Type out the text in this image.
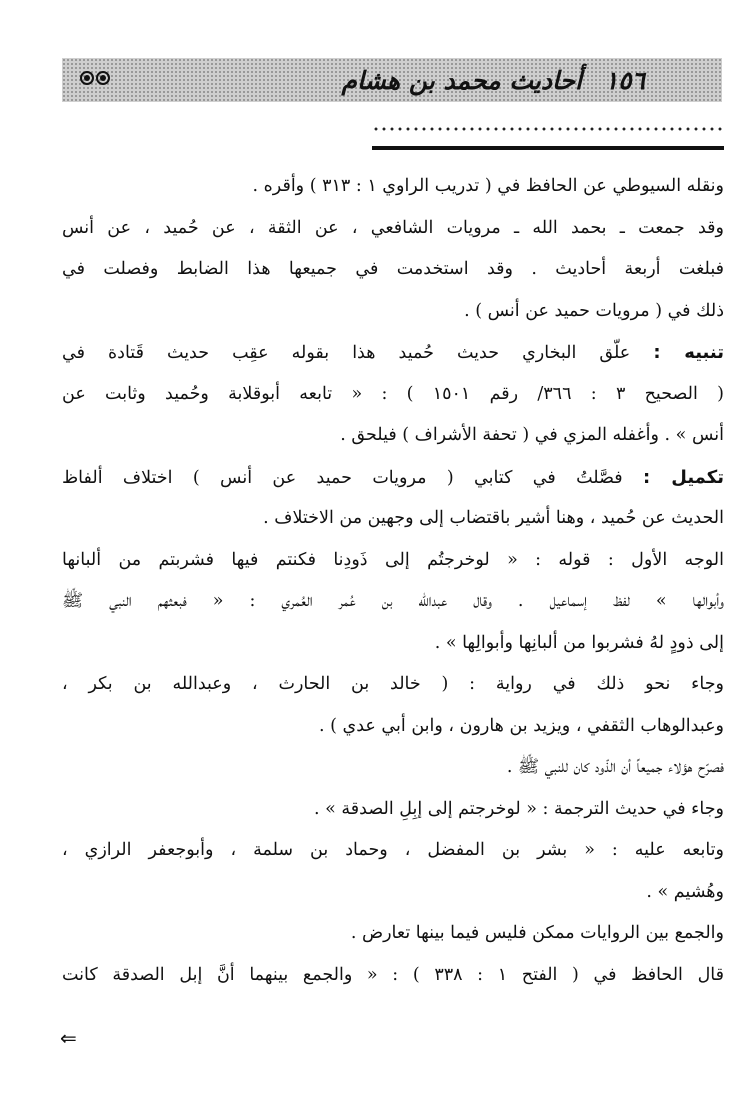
١٥٦ أحاديث محمد بن هشام
ونقله السيوطي عن الحافظ في ( تدريب الراوي ١ : ٣١٣ ) وأقره .
وقد جمعت ـ بحمد الله ـ مرويات الشافعي ، عن الثقة ، عن حُميد ، عن أنس
فبلغت أربعة أحاديث . وقد استخدمت في جميعها هذا الضابط وفصلت في
ذلك في ( مرويات حميد عن أنس ) .
تنبيه : علّق البخاري حديث حُميد هذا بقوله عقِب حديث قَتادة في
( الصحيح ٣ : ٣٦٦/ رقم ١٥٠١ ) : « تابعه أبوقلابة وحُميد وثابت عن
أنس » . وأغفله المزي في ( تحفة الأشراف ) فيلحق .
تكميل : فصَّلتُ في كتابي ( مرويات حميد عن أنس ) اختلاف ألفاظ
الحديث عن حُميد ، وهنا أشير باقتضاب إلى وجهين من الاختلاف .
الوجه الأول : قوله : « لوخرجتُم إلى ذَودِنا فكنتم فيها فشربتم من ألبانها
وأبوالها » لفظ إسماعيل . وقال عبدالله بن عُمر العُمري : « فبعثهم النبي ﷺ
إلى ذودٍ لهُ فشربوا من ألبانِها وأبوالِها » .
وجاء نحو ذلك في رواية : ( خالد بن الحارث ، وعبدالله بن بكر ،
وعبدالوهاب الثقفي ، ويزيد بن هارون ، وابن أبي عدي ) .
فصرّح هؤلاء جميعاً أن الذّود كان للنبي ﷺ .
وجاء في حديث الترجمة : « لوخرجتم إلى إبِلِ الصدقة » .
وتابعه عليه : « بشر بن المفضل ، وحماد بن سلمة ، وأبوجعفر الرازي ،
وهُشيم » .
والجمع بين الروايات ممكن فليس فيما بينها تعارض .
قال الحافظ في ( الفتح ١ : ٣٣٨ ) : « والجمع بينهما أنَّ إبل الصدقة كانت
⇐
